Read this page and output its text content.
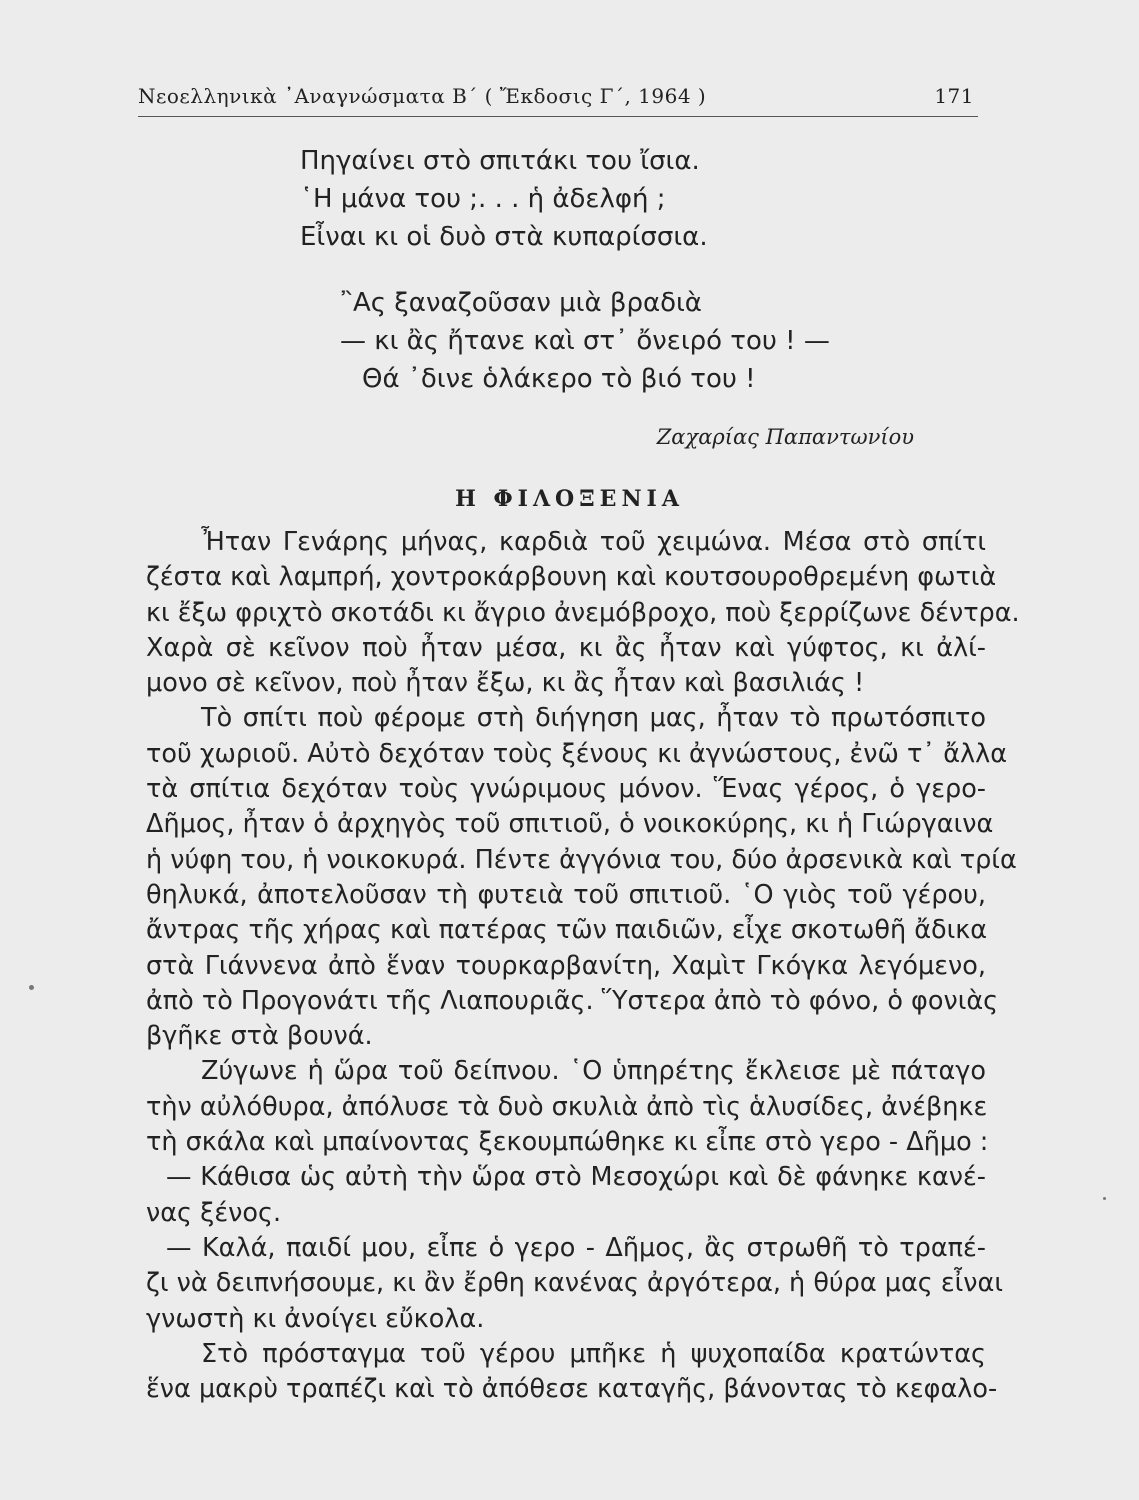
Νεοελληνικὰ ᾿Αναγνώσματα Β΄ ( Ἔκδοσις Γ΄, 1964 )	171
Πηγαίνει στὸ σπιτάκι του ἴσια.
῾Η μάνα του ;. . . ἡ ἀδελφή ;
Εἶναι κι οἱ δυὸ στὰ κυπαρίσσια.
῍Ας ξαναζοῦσαν μιὰ βραδιὰ
— κι ἂς ἤτανε καὶ στ᾿ ὄνειρό του ! —
Θά ᾿δινε ὁλάκερο τὸ βιό του !
Ζαχαρίας Παπαντωνίου
Η ΦΙΛΟΞΕΝΙΑ
Ἦταν Γενάρης μήνας, καρδιὰ τοῦ χειμώνα. Μέσα στὸ σπίτι
ζέστα καὶ λαμπρή, χοντροκάρβουνη καὶ κουτσουροθρεμένη φωτιὰ
κι ἔξω φριχτὸ σκοτάδι κι ἄγριο ἀνεμόβροχο, ποὺ ξερρίζωνε δέντρα.
Χαρὰ σὲ κεῖνον ποὺ ἦταν μέσα, κι ἂς ἦταν καὶ γύφτος, κι ἀλί-
μονο σὲ κεῖνον, ποὺ ἦταν ἔξω, κι ἂς ἦταν καὶ βασιλιάς !
Τὸ σπίτι ποὺ φέρομε στὴ διήγηση μας, ἦταν τὸ πρωτόσπιτο
τοῦ χωριοῦ. Αὐτὸ δεχόταν τοὺς ξένους κι ἀγνώστους, ἐνῶ τ᾿ ἄλλα
τὰ σπίτια δεχόταν τοὺς γνώριμους μόνον. Ἕνας γέρος, ὁ γερο-
Δῆμος, ἦταν ὁ ἀρχηγὸς τοῦ σπιτιοῦ, ὁ νοικοκύρης, κι ἡ Γιώργαινα
ἡ νύφη του, ἡ νοικοκυρά. Πέντε ἀγγόνια του, δύο ἀρσενικὰ καὶ τρία
θηλυκά, ἀποτελοῦσαν τὴ φυτειὰ τοῦ σπιτιοῦ. ῾Ο γιὸς τοῦ γέρου,
ἄντρας τῆς χήρας καὶ πατέρας τῶν παιδιῶν, εἶχε σκοτωθῆ ἄδικα
στὰ Γιάννενα ἀπὸ ἕναν τουρκαρβανίτη, Χαμὶτ Γκόγκα λεγόμενο,
ἀπὸ τὸ Προγονάτι τῆς Λιαπουριᾶς. Ὕστερα ἀπὸ τὸ φόνο, ὁ φονιὰς
βγῆκε στὰ βουνά.
Ζύγωνε ἡ ὥρα τοῦ δείπνου. ῾Ο ὑπηρέτης ἔκλεισε μὲ πάταγο
τὴν αὐλόθυρα, ἀπόλυσε τὰ δυὸ σκυλιὰ ἀπὸ τὶς ἁλυσίδες, ἀνέβηκε
τὴ σκάλα καὶ μπαίνοντας ξεκουμπώθηκε κι εἶπε στὸ γερο - Δῆμο :
— Κάθισα ὡς αὐτὴ τὴν ὥρα στὸ Μεσοχώρι καὶ δὲ φάνηκε κανέ-
νας ξένος.
— Καλά, παιδί μου, εἶπε ὁ γερο - Δῆμος, ἂς στρωθῆ τὸ τραπέ-
ζι νὰ δειπνήσουμε, κι ἂν ἔρθη κανένας ἀργότερα, ἡ θύρα μας εἶναι
γνωστὴ κι ἀνοίγει εὔκολα.
Στὸ πρόσταγμα τοῦ γέρου μπῆκε ἡ ψυχοπαίδα κρατώντας
ἕνα μακρὺ τραπέζι καὶ τὸ ἀπόθεσε καταγῆς, βάνοντας τὸ κεφαλο-
